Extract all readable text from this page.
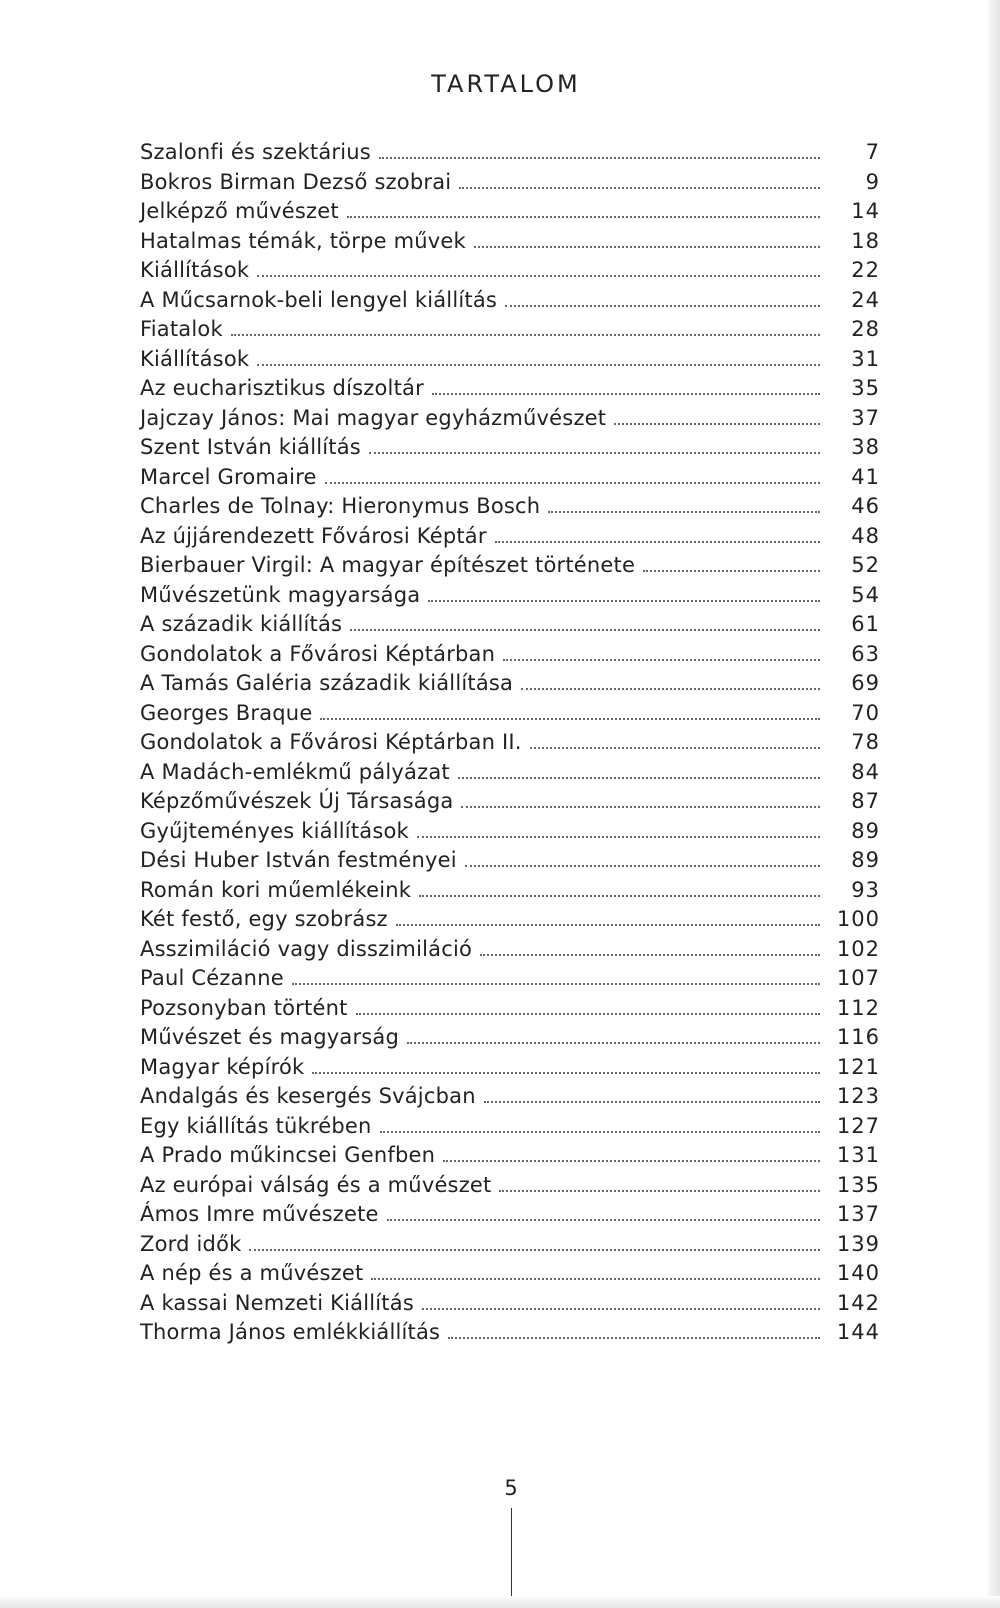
TARTALOM
Szalonfi és szektárius	7
Bokros Birman Dezső szobrai	9
Jelképző művészet	14
Hatalmas témák, törpe művek	18
Kiállítások	22
A Műcsarnok-beli lengyel kiállítás	24
Fiatalok	28
Kiállítások	31
Az eucharisztikus díszoltár	35
Jajczay János: Mai magyar egyházművészet	37
Szent István kiállítás	38
Marcel Gromaire	41
Charles de Tolnay: Hieronymus Bosch	46
Az újjárendezett Fővárosi Képtár	48
Bierbauer Virgil: A magyar építészet története	52
Művészetünk magyarsága	54
A századik kiállítás	61
Gondolatok a Fővárosi Képtárban	63
A Tamás Galéria századik kiállítása	69
Georges Braque	70
Gondolatok a Fővárosi Képtárban II.	78
A Madách-emlékmű pályázat	84
Képzőművészek Új Társasága	87
Gyűjteményes kiállítások	89
Dési Huber István festményei	89
Román kori műemlékeink	93
Két festő, egy szobrász	100
Asszimiláció vagy disszimiláció	102
Paul Cézanne	107
Pozsonyban történt	112
Művészet és magyarság	116
Magyar képírók	121
Andalgás és kesergés Svájcban	123
Egy kiállítás tükrében	127
A Prado műkincsei Genfben	131
Az európai válság és a művészet	135
Ámos Imre művészete	137
Zord idők	139
A nép és a művészet	140
A kassai Nemzeti Kiállítás	142
Thorma János emlékkiállítás	144
5
